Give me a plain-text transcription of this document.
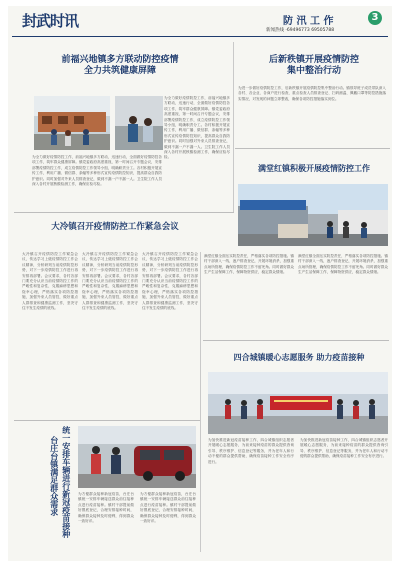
封武时讯	防 汛 工 作	3
新闻热线 ·69496773 69505788
前福兴地镇多方联动防控疫情
全力共筑健康屏障
为全力做好疫情防控工作，前福兴地镇多方联动，迅速行动，全面做好疫情防控各项工作，筑牢群众健康屏障。镇党委政府高度重视，第一时间召开专题会议，安排部署疫情防控工作，成立疫情防控工作领导小组，明确职责分工。各村积极开展宣传工作，利用广播、微信群、条幅等多种形式宣传疫情防控知识，提高群众自我防护意识。同时加强对外来人员排查登记，做到不漏一户不漏一人。卫生院工作人员深入各村开展核酸检测工作，确保应检尽检。
为全力做好疫情防控工作，前福兴地镇多方联动，迅速行动，全面做好疫情防控各项工作，筑牢群众健康屏障。镇党委政府高度重视，第一时间召开专题会议，安排部署疫情防控工作，成立疫情防控工作领导小组，明确职责分工。各村积极开展宣传工作，利用广播、微信群、条幅等多种形式宣传疫情防控知识，提高群众自我防护意识。同时加强对外来人员排查登记，做到不漏一户不漏一人。卫生院工作人员深入各村开展核酸检测工作，确保应检尽检。
后新秩镇开展疫情防控
集中整治行动
为进一步做好疫情防控工作，后新秩镇开展疫情防控集中整治行动。镇领导班子成员带队深入各村、各企业、各商户进行检查，重点检查人员排查登记、扫码测温、佩戴口罩等防控措施落实情况，对发现的问题立即整改，确保各项防控措施落实到位。
满堂红镇积极开展疫情防控工作
满堂红镇全面压实防控责任，严格落实各项防控措施。镇村干部深入一线，逐户排查登记，开展环境消杀，加强重点场所管理，确保疫情防控工作不留死角。同时做好群众生产生活保障工作，保障物资供应，稳定群众情绪。
满堂红镇全面压实防控责任，严格落实各项防控措施。镇村干部深入一线，逐户排查登记，开展环境消杀，加强重点场所管理，确保疫情防控工作不留死角。同时做好群众生产生活保障工作，保障物资供应，稳定群众情绪。
大冷镇召开疫情防控工作紧急会议
大冷镇召开疫情防控工作紧急会议，传达学习上级疫情防控工作会议精神，分析研判当前疫情防控形势，对下一步疫情防控工作进行再安排再部署。会议要求，各村各部门要充分认识当前疫情防控工作的严峻性和复杂性，克服麻痹思想和侥幸心理，严格落实各项防控措施，加强外来人员管控，做好重点人群排查和健康监测工作，坚决守住不发生疫情的底线。
大冷镇召开疫情防控工作紧急会议，传达学习上级疫情防控工作会议精神，分析研判当前疫情防控形势，对下一步疫情防控工作进行再安排再部署。会议要求，各村各部门要充分认识当前疫情防控工作的严峻性和复杂性，克服麻痹思想和侥幸心理，严格落实各项防控措施，加强外来人员管控，做好重点人群排查和健康监测工作，坚决守住不发生疫情的底线。
大冷镇召开疫情防控工作紧急会议，传达学习上级疫情防控工作会议精神，分析研判当前疫情防控形势，对下一步疫情防控工作进行再安排再部署。会议要求，各村各部门要充分认识当前疫情防控工作的严峻性和复杂性，克服麻痹思想和侥幸心理，严格落实各项防控措施，加强外来人员管控，做好重点人群排查和健康监测工作，坚决守住不发生疫情的底线。
四合城镇暖心志愿服务 助力疫苗接种
为加快推进新冠疫苗接种工作，四合城镇组织志愿者开展暖心志愿服务，为前来接种疫苗的群众提供咨询引导、秩序维护、信息登记等服务，并为老年人和行动不便的群众提供帮助，确保疫苗接种工作安全有序进行。
为加快推进新冠疫苗接种工作，四合城镇组织志愿者开展暖心志愿服务，为前来接种疫苗的群众提供咨询引导、秩序维护、信息登记等服务，并为老年人和行动不便的群众提供帮助，确保疫苗接种工作安全有序进行。
统一安排车辆进行新冠疫苗接种
台庄台镇满足群众需求	为方便群众接种新冠疫苗，台庄台镇统一安排车辆接送群众前往接种点进行疫苗接种。镇村干部提前做好摸底登记，合理安排接种时间，确保群众接种及时便利，得到群众一致好评。
为方便群众接种新冠疫苗，台庄台镇统一安排车辆接送群众前往接种点进行疫苗接种。镇村干部提前做好摸底登记，合理安排接种时间，确保群众接种及时便利，得到群众一致好评。
